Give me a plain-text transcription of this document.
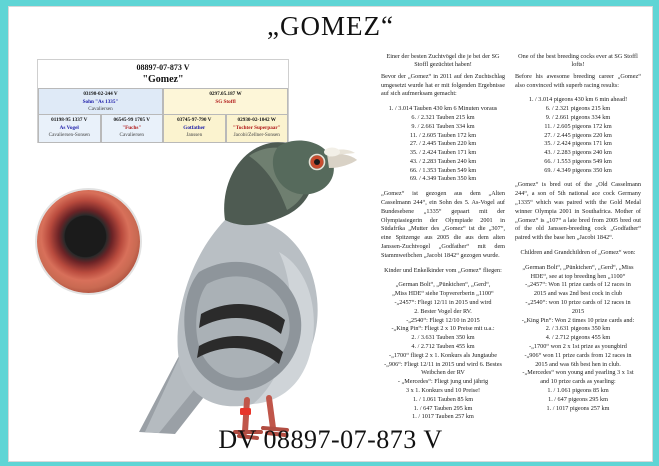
„GOMEZ“
08897-07-873 V
"Gomez"
03198-02-244 V
Sohn "As 1335"
Cavaliersen
0297.05.187 W
SG Stoffl
01198-95 1337 V
As Vogel
Cavaliersen-Sonsen
06545-99 1705 V
"Fuchs"
Cavaliersen
03745-97-790 V
Gotfather
Janssen
02930-02-1042 W
"Tochter Superpaar"
Jacobi/Zellner-Sonsen
Einer der besten Zuchtvögel die je bei der SG Stoffl gezüchtet haben!

Bevor der „Gomez“ in 2011 auf den Zuchtschlag umgesetzt wurde hat er mit folgenden Ergebnisse auf sich aufmerksam gemacht:

1. / 3.014 Tauben 430 km 6 Minuten voraus
6. / 2.321 Tauben 215 km
9. / 2.661 Tauben 334 km
11. / 2.605 Tauben 172 km
27. / 2.445 Tauben 220 km
35. / 2.424 Tauben 171 km
43. / 2.283 Tauben 240 km
66. / 1.353 Tauben 549 km
69. / 4.349 Tauben 350 km

„Gomez“ ist gezogen aus dem „Alten Casselmann 244“, ein Sohn des 5. As-Vogel auf Bundesebene „1335“ gepaart mit der Olympiasiegerin der Olympiade 2001 in Südafrika „Mutter des „Gomez“ ist die „307“, eine Spitzenge aus 2005 die aus dem alten Janssen-Zuchtvogel „Godfather“ mit dem Stammweibchen „Jacobi 1842“ gezogen wurde.

Kinder und Enkelkinder vom „Gomez“ fliegen:

„German Bolt“, „Pünktchen“, „Gerd“,
„Miss HDE“ siehe Topvererberin „1100“
-„2457“: Fliegt 12/11 in 2015 und wird
2. Bester Vogel der RV.
-„2540“: Fliegt 12/10 in 2015
-„King Pin“: Fliegt 2 x 10 Preise mit u.a.:
2. / 3.631 Tauben 350 km
4. / 2.712 Tauben 455 km
-„1700“ fliegt 2 x 1. Konkurs als Jungtaube
-„906“: Fliegt 12/11 in 2015 und wird 6. Bestes
Weibchen der RV
- „Mercedes“: Fliegt jung und jährig
3 x 1. Konkurs und 10 Preise!
1. / 1.061 Tauben 85 km
1. / 647 Tauben 295 km
1. / 1017 Tauben 257 km
One of the best breeding cocks ever at SG Stoffl lofts!

Before his awesome breeding career „Gomez“ also convinced with superb racing results:

1. / 3.014 pigeons 430 km 6 min ahead!
6. / 2.321 pigeons 215 km
9. / 2.661 pigeons 334 km
11. / 2.605 pigeons 172 km
27. / 2.445 pigeons 220 km
35. / 2.424 pigeons 171 km
43. / 2.283 pigeons 240 km
66. / 1.553 pigeons 549 km
69. / 4.349 pigeons 350 km

„Gomez“ is bred out of the „Old Casselmann 244“, a son of 5th national ace cock Germany „1335“ which was paired with the Gold Medal winner Olympia 2001 in Southafrica. Mother of „Gomez“ is „107“ a late bred from 2005 bred out of the old Janssen-breeding cock „Godfather“ paired with the base hen „Jacobi 1842“.

Children and Grandchildren of „Gomez“ won:

„German Bolt“, „Pünktchen“, „Gerd“, „Miss
HDE“, see at top breeding hen „1100“
-„2457“: Won 11 prize cards of 12 races in
2015 and was 2nd best cock in club
-„2540“: won 10 prize cards of 12 races in
2015
-„King Pin“: Won 2 times 10 prize cards and:
2. / 3.631 pigeons 350 km
4. / 2.712 pigeons 455 km
-„1700“ won 2 x 1st prize as youngbird
-„906“ won 11 prize cards from 12 races in
2015 and was 6th best hen in club.
-„Mercedes“ won young and yearling 3 x 1st
and 10 prize cards as yearling:
1. / 1.061 pigeons 85 km
1. / 647 pigeons 295 km
1. / 1017 pigeons 257 km
DV 08897-07-873 V
